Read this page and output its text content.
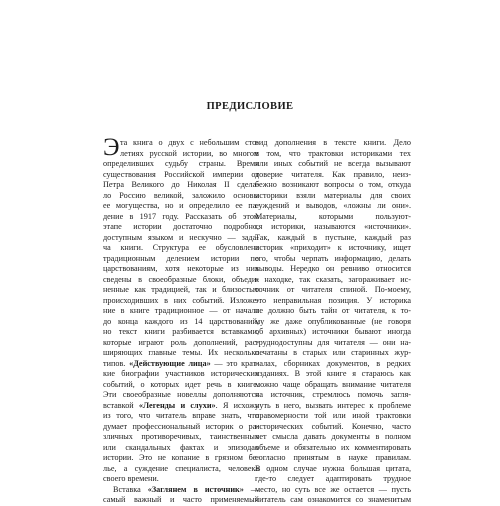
ПРЕДИСЛОВИЕ
Э та книга о двух с небольшим сто-
летиях русской истории, во многом
определивших судьбу страны. Время
существования Российской империи от
Петра Великого до Николая II сдела-
ло Россию великой, заложило основы
ее могущества, но и определило ее па-
дение в 1917 году. Рассказать об этом
этапе истории достаточно подробно,
доступным языком и нескучно — зада-
ча книги. Структура ее обусловлена
традиционным делением истории по
царствованиям, хотя некоторые из них
сведены в своеобразные блоки, объеди-
ненные как традицией, так и близостью
происходивших в них событий. Изложе-
ние в книге традиционное — от начала
до конца каждого из 14 царствований,
но текст книги разбивается вставками,
которые играют роль дополнений, рас-
ширяющих главные темы. Их несколько
типов. «Действующие лица» — это крат-
кие биографии участников исторических
событий, о которых идет речь в книге.
Эти своеобразные новеллы дополняются
вставкой «Легенды и слухи». Я исхожу
из того, что читатель вправе знать, что
думает профессиональный историк о ра-
зличных противоречивых, таинственных
или скандальных фактах и эпизодах
истории. Это не копание в грязном бе-
лье, а суждение специалиста, человека
своего времени.
Вставка «Заглянем в источник» —
самый важный и часто применяемый
вид дополнения в тексте книги. Дело
в том, что трактовки историками тех
или иных событий не всегда вызывают
доверие читателя. Как правило, неиз-
бежно возникают вопросы о том, откуда
историки взяли материалы для своих
суждений и выводов, «ложны ли они».
Материалы, которыми пользуют-
ся историки, называются «источники».
Так, каждый в пустыне, каждый раз
историк «приходит» к источнику, ищет
его, чтобы черпать информацию, делать
выводы. Нередко он ревниво относится
к находке, так сказать, загораживает ис-
точник от читателя спиной. По-моему,
это неправильная позиция. У историка
не должно быть тайн от читателя, к то-
му же даже опубликованные (не говоря
об архивных) источники бывают иногда
труднодоступны для читателя — они на-
печатаны в старых или старинных жур-
налах, сборниках документов, в редких
изданиях. В этой книге я стараюсь как
можно чаще обращать внимание читателя
на источник, стремлюсь помочь загля-
нуть в него, вызвать интерес к проблеме
правомерности той или иной трактовки
исторических событий. Конечно, часто
нет смысла давать документы в полном
объеме и обязательно их комментировать
согласно принятым в науке правилам.
В одном случае нужна большая цитата,
где-то следует адаптировать трудное
место, но суть все же остается — пусть
читатель сам ознакомится со знаменитым
